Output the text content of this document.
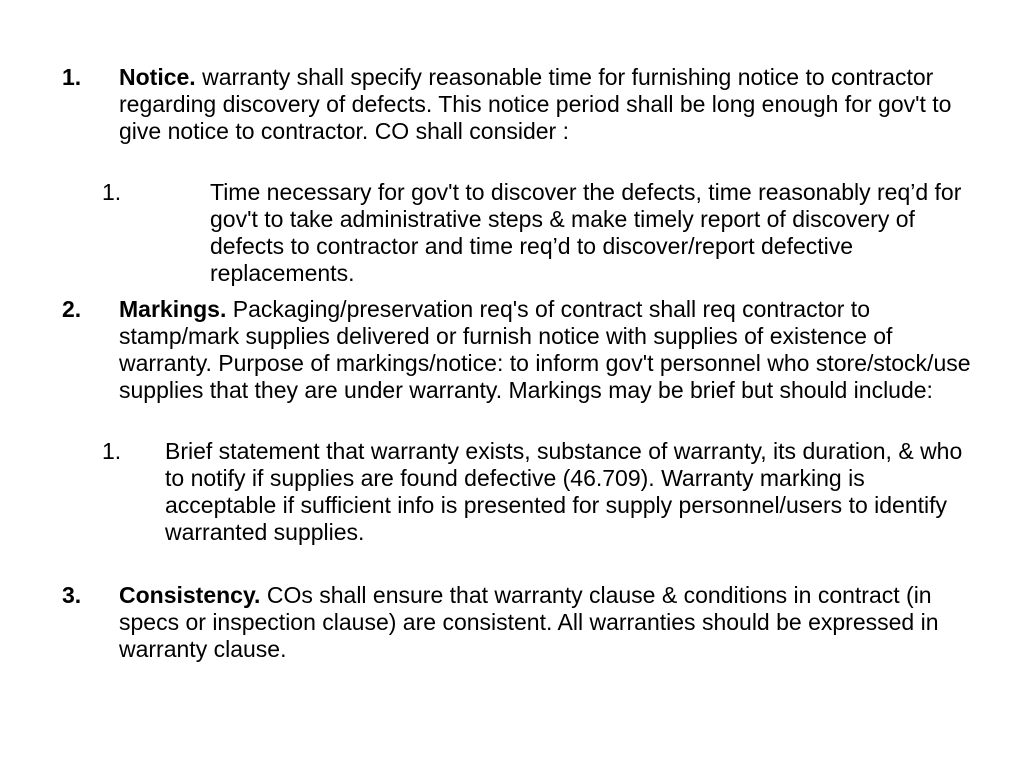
1. Notice. warranty shall specify reasonable time for furnishing notice to contractor regarding discovery of defects. This notice period shall be long enough for gov't to give notice to contractor. CO shall consider :
1.	Time necessary for gov't to discover the defects, time reasonably req’d for gov't to take administrative steps & make timely report of discovery of defects to contractor and time req’d to discover/report defective replacements.
2. Markings. Packaging/preservation req's of contract shall req contractor to stamp/mark supplies delivered or furnish notice with supplies of existence of warranty. Purpose of markings/notice: to inform gov't personnel who store/stock/use supplies that they are under warranty. Markings may be brief but should include:
1. Brief statement that warranty exists, substance of warranty, its duration, & who to notify if supplies are found defective (46.709). Warranty marking is acceptable if sufficient info is presented for supply personnel/users to identify warranted supplies.
3. Consistency. COs shall ensure that warranty clause & conditions in contract (in specs or inspection clause) are consistent. All warranties should be expressed in warranty clause.
